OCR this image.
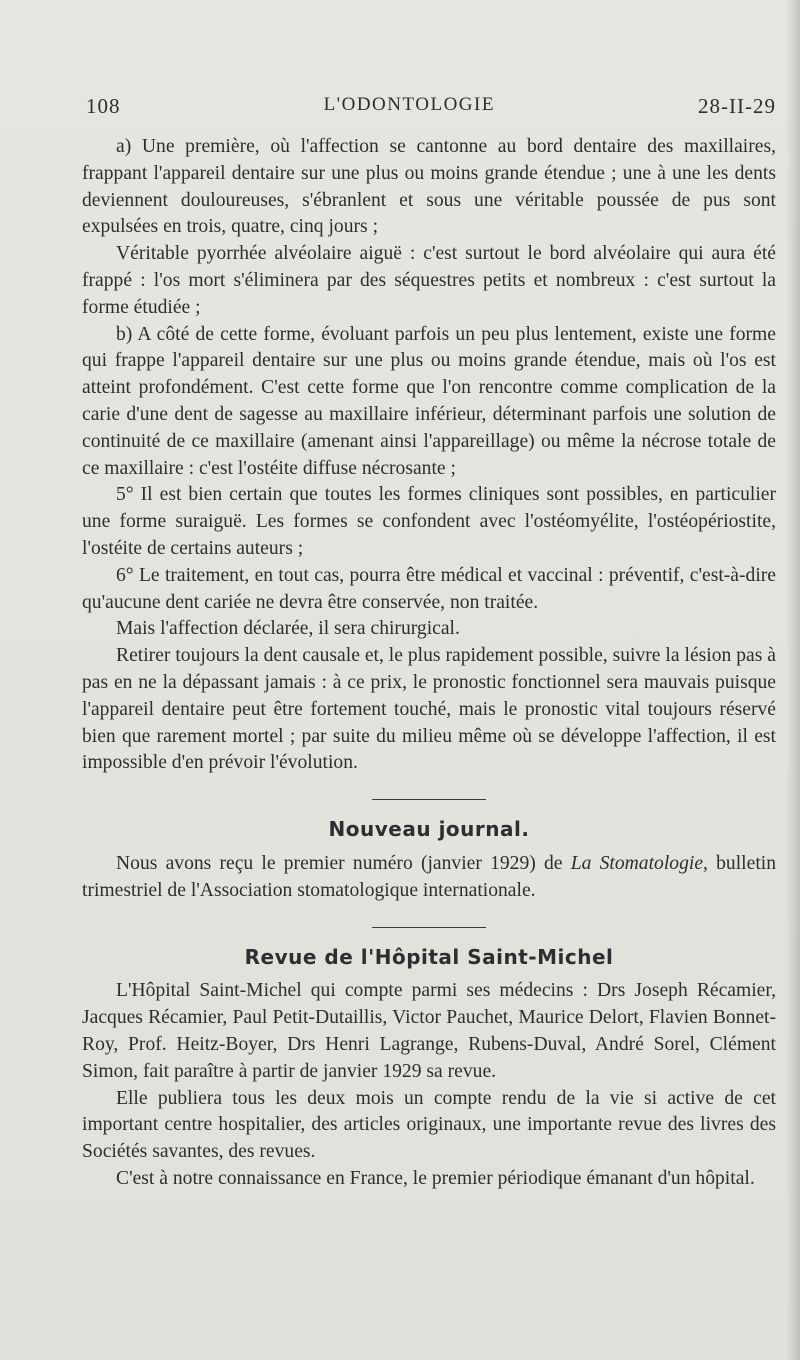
108	L'ODONTOLOGIE	28-II-29

a) Une première, où l'affection se cantonne au bord dentaire des maxillaires, frappant l'appareil dentaire sur une plus ou moins grande étendue ; une à une les dents deviennent douloureuses, s'ébranlent et sous une véritable poussée de pus sont expulsées en trois, quatre, cinq jours ;

Véritable pyorrhée alvéolaire aiguë : c'est surtout le bord alvéolaire qui aura été frappé : l'os mort s'éliminera par des séquestres petits et nombreux : c'est surtout la forme étudiée ;

b) A côté de cette forme, évoluant parfois un peu plus lentement, existe une forme qui frappe l'appareil dentaire sur une plus ou moins grande étendue, mais où l'os est atteint profondément. C'est cette forme que l'on rencontre comme complication de la carie d'une dent de sagesse au maxillaire inférieur, déterminant parfois une solution de continuité de ce maxillaire (amenant ainsi l'appareillage) ou même la nécrose totale de ce maxillaire : c'est l'ostéite diffuse nécrosante ;

5° Il est bien certain que toutes les formes cliniques sont possibles, en particulier une forme suraiguë. Les formes se confondent avec l'ostéomyélite, l'ostéopériostite, l'ostéite de certains auteurs ;

6° Le traitement, en tout cas, pourra être médical et vaccinal : préventif, c'est-à-dire qu'aucune dent cariée ne devra être conservée, non traitée.

Mais l'affection déclarée, il sera chirurgical.

Retirer toujours la dent causale et, le plus rapidement possible, suivre la lésion pas à pas en ne la dépassant jamais : à ce prix, le pronostic fonctionnel sera mauvais puisque l'appareil dentaire peut être fortement touché, mais le pronostic vital toujours réservé bien que rarement mortel ; par suite du milieu même où se développe l'affection, il est impossible d'en prévoir l'évolution.

Nouveau journal.

Nous avons reçu le premier numéro (janvier 1929) de La Stomatologie, bulletin trimestriel de l'Association stomatologique internationale.

Revue de l'Hôpital Saint-Michel

L'Hôpital Saint-Michel qui compte parmi ses médecins : Drs Joseph Récamier, Jacques Récamier, Paul Petit-Dutaillis, Victor Pauchet, Maurice Delort, Flavien Bonnet-Roy, Prof. Heitz-Boyer, Drs Henri Lagrange, Rubens-Duval, André Sorel, Clément Simon, fait paraître à partir de janvier 1929 sa revue.

Elle publiera tous les deux mois un compte rendu de la vie si active de cet important centre hospitalier, des articles originaux, une importante revue des livres des Sociétés savantes, des revues.

C'est à notre connaissance en France, le premier périodique émanant d'un hôpital.
